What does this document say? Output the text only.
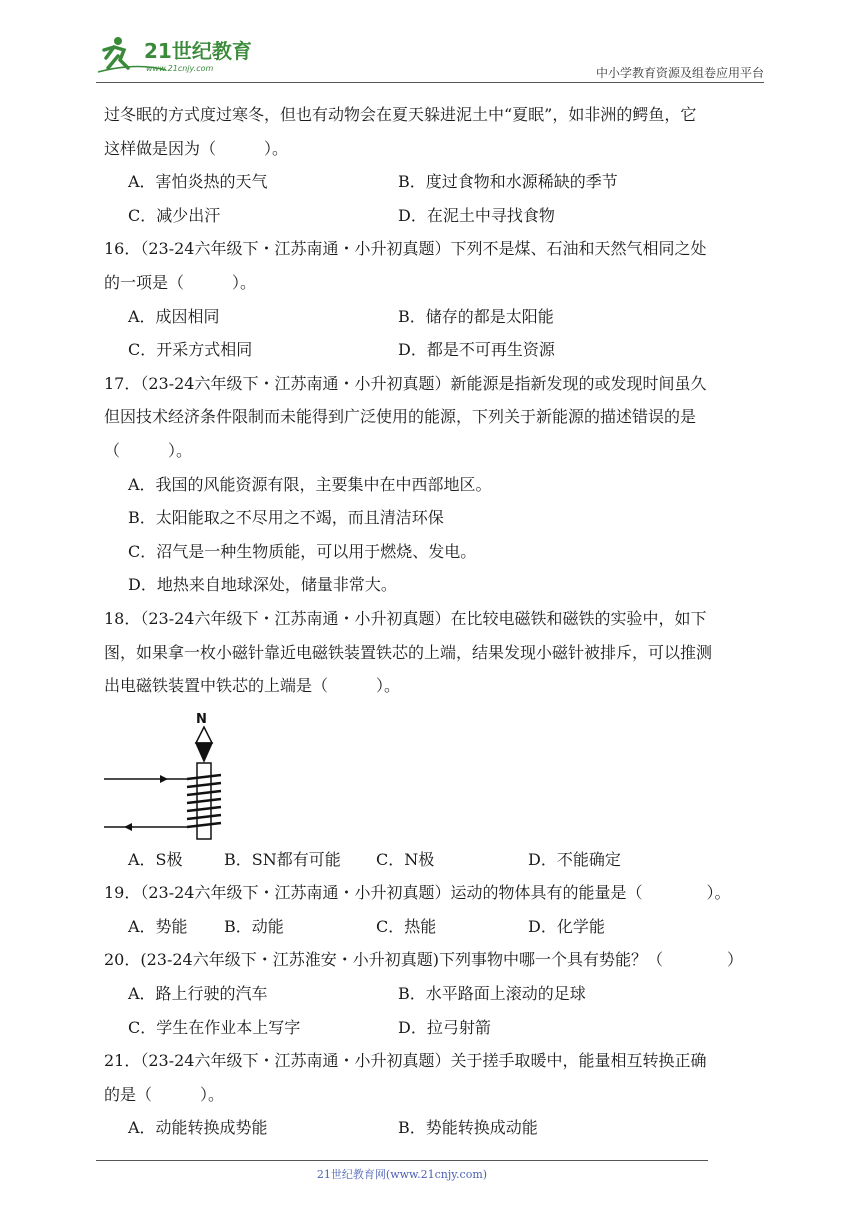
21世纪教育
www.21cnjy.com	中小学教育资源及组卷应用平台
过冬眠的方式度过寒冬，但也有动物会在夏天躲进泥土中“夏眠”，如非洲的鳄鱼，它
这样做是因为（　　　）。
A．害怕炎热的天气	B．度过食物和水源稀缺的季节
C．减少出汗	D．在泥土中寻找食物
16．（23-24六年级下・江苏南通・小升初真题）下列不是煤、石油和天然气相同之处
的一项是（　　　）。
A．成因相同	B．储存的都是太阳能
C．开采方式相同	D．都是不可再生资源
17．（23-24六年级下・江苏南通・小升初真题）新能源是指新发现的或发现时间虽久
但因技术经济条件限制而未能得到广泛使用的能源，下列关于新能源的描述错误的是
（　　　）。
A．我国的风能资源有限，主要集中在中西部地区。
B．太阳能取之不尽用之不竭，而且清洁环保
C．沼气是一种生物质能，可以用于燃烧、发电。
D．地热来自地球深处，储量非常大。
18．（23-24六年级下・江苏南通・小升初真题）在比较电磁铁和磁铁的实验中，如下
图，如果拿一枚小磁针靠近电磁铁装置铁芯的上端，结果发现小磁针被排斥，可以推测
出电磁铁装置中铁芯的上端是（　　　）。
N
A．S极	B．SN都有可能	C．N极	D．不能确定
19．（23-24六年级下・江苏南通・小升初真题）运动的物体具有的能量是（　　　　）。
A．势能	B．动能	C．热能	D．化学能
20．(23-24六年级下・江苏淮安・小升初真题)下列事物中哪一个具有势能？（　　　　）
A．路上行驶的汽车	B．水平路面上滚动的足球
C．学生在作业本上写字	D．拉弓射箭
21．（23-24六年级下・江苏南通・小升初真题）关于搓手取暖中，能量相互转换正确
的是（　　　）。
A．动能转换成势能	B．势能转换成动能
21世纪教育网(www.21cnjy.com)
